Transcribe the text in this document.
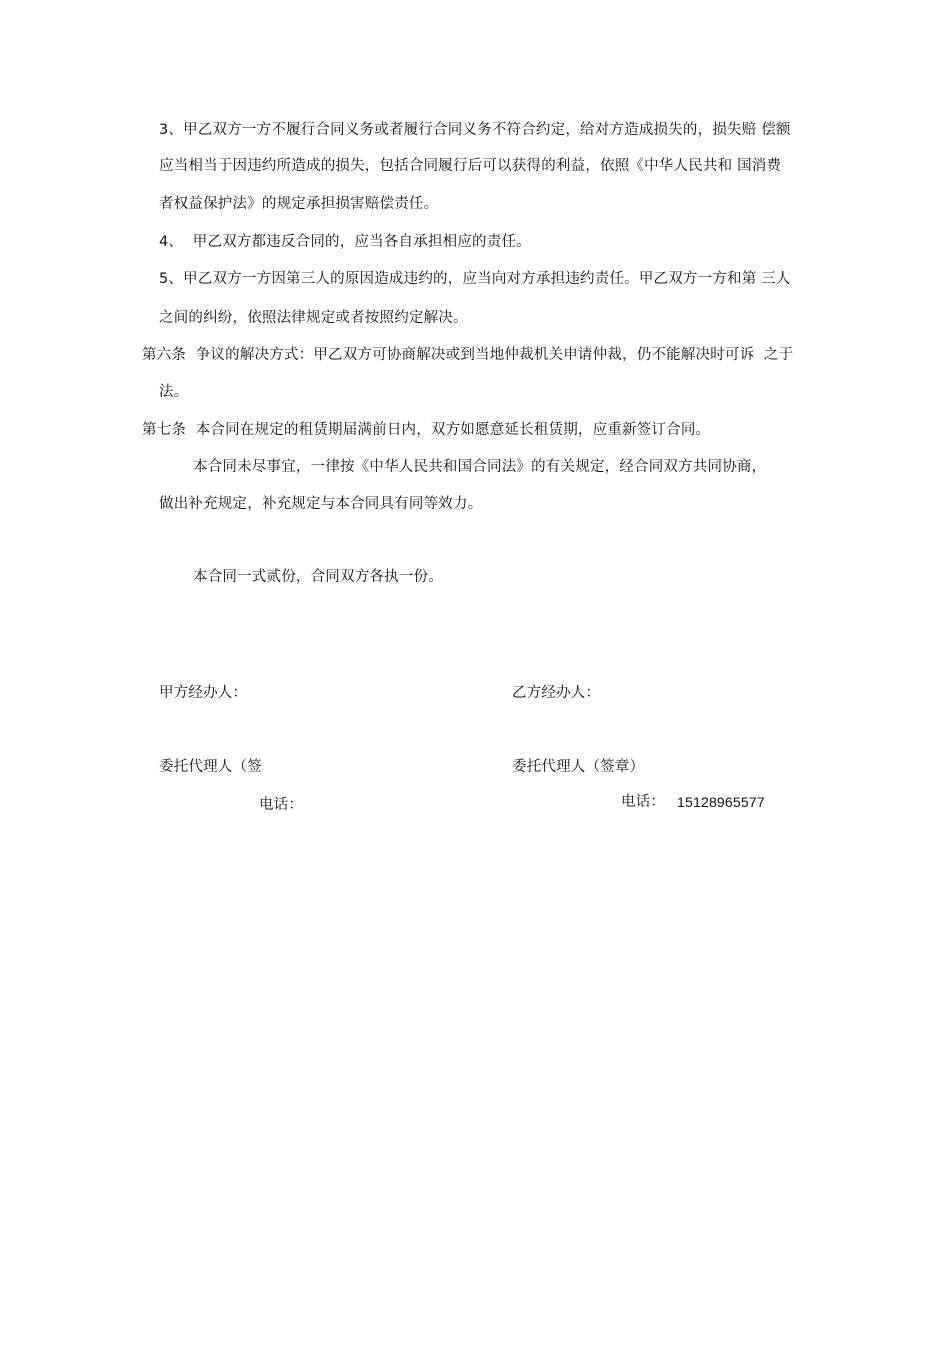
3、甲乙双方一方不履行合同义务或者履行合同义务不符合约定，给对方造成损失的，损失赔 偿额
应当相当于因违约所造成的损失，包括合同履行后可以获得的利益，依照《中华人民共和 国消费
者权益保护法》的规定承担损害赔偿责任。
4、  甲乙双方都违反合同的，应当各自承担相应的责任。
5、甲乙双方一方因第三人的原因造成违约的，应当向对方承担违约责任。甲乙双方一方和第 三人
之间的纠纷，依照法律规定或者按照约定解决。
第六条  争议的解决方式：甲乙双方可协商解决或到当地仲裁机关申请仲裁，仍不能解决时可诉  之于
法。
第七条  本合同在规定的租赁期届满前日内，双方如愿意延长租赁期，应重新签订合同。
本合同未尽事宜，一律按《中华人民共和国合同法》的有关规定，经合同双方共同协商，
做出补充规定，补充规定与本合同具有同等效力。
本合同一式贰份，合同双方各执一份。
甲方经办人：	乙方经办人：
委托代理人（签	委托代理人（签章）
电话：	电话： 15128965577
